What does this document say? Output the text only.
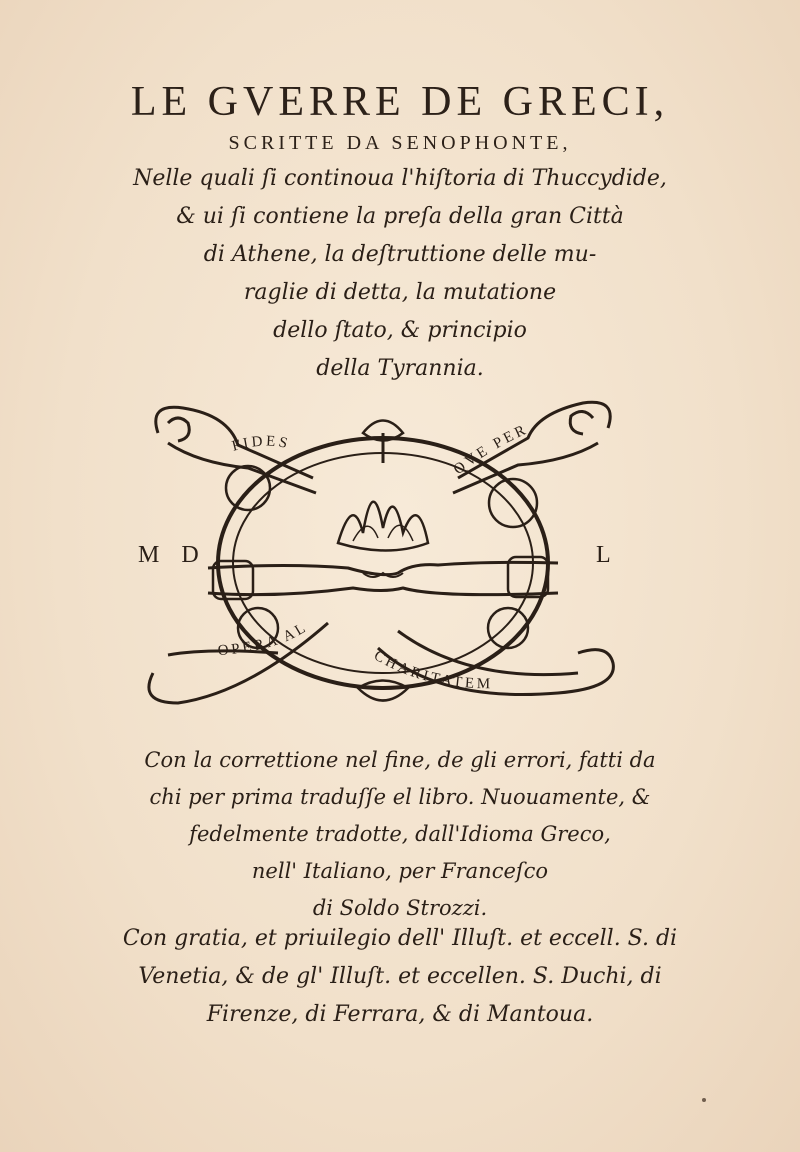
LE GVERRE DE GRECI,
SCRITTE DA SENOPHONTE,
Nelle quali ſi continoua l'hiſtoria di Thuccydide,
& ui ſi contiene la preſa della gran Città
di Athene, la deſtruttione delle mu-
raglie di detta, la mutatione
dello ſtato, & principio
della Tyrannia.
M D	L
FIDES
QVE PER
OPERA AL
CHARITATEM
Con la correttione nel fine, de gli errori, fatti da
chi per prima traduſſe el libro. Nuouamente, &
fedelmente tradotte, dall'Idioma Greco,
nell' Italiano, per Franceſco
di Soldo Strozzi.
Con gratia, et priuilegio dell' Illuſt. et eccell. S. di
Venetia, & de gl' Illuſt. et eccellen. S. Duchi, di
Firenze, di Ferrara, & di Mantoua.
